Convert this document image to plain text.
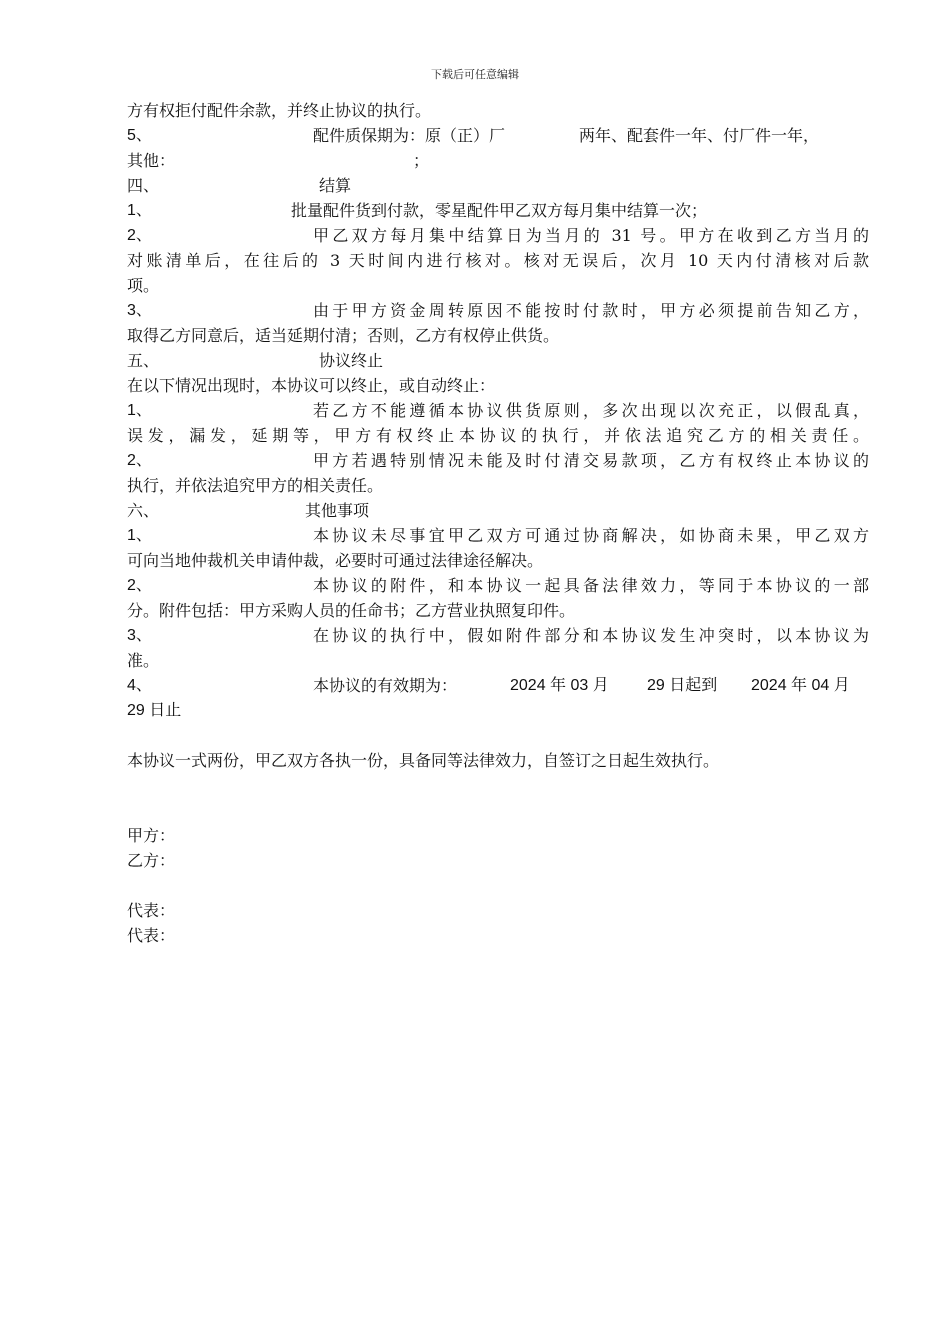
下载后可任意编辑
方有权拒付配件余款，并终止协议的执行。
5、	配件质保期为：原（正）厂	两年、配套件一年、付厂件一年，
其他：	；
四、	结算
1、	批量配件货到付款，零星配件甲乙双方每月集中结算一次；
2、	甲乙双方每月集中结算日为当月的 31 号。甲方在收到乙方当月的
对账清单后，在往后的 3 天时间内进行核对。核对无误后，次月 10 天内付清核对后款
项。
3、	由于甲方资金周转原因不能按时付款时，甲方必须提前告知乙方，
取得乙方同意后，适当延期付清；否则，乙方有权停止供货。
五、	协议终止
在以下情况出现时，本协议可以终止，或自动终止：
1、	若乙方不能遵循本协议供货原则，多次出现以次充正，以假乱真，
误发，漏发，延期等，甲方有权终止本协议的执行，并依法追究乙方的相关责任。
2、	甲方若遇特别情况未能及时付清交易款项，乙方有权终止本协议的
执行，并依法追究甲方的相关责任。
六、	其他事项
1、	本协议未尽事宜甲乙双方可通过协商解决，如协商未果，甲乙双方
可向当地仲裁机关申请仲裁，必要时可通过法律途径解决。
2、	本协议的附件，和本协议一起具备法律效力，等同于本协议的一部
分。附件包括：甲方采购人员的任命书；乙方营业执照复印件。
3、	在协议的执行中，假如附件部分和本协议发生冲突时，以本协议为
准。
4、	本协议的有效期为：	2024 年 03 月 29 日起到 2024 年 04 月
29 日止
本协议一式两份，甲乙双方各执一份，具备同等法律效力，自签订之日起生效执行。
甲方：
乙方：
代表：
代表：
